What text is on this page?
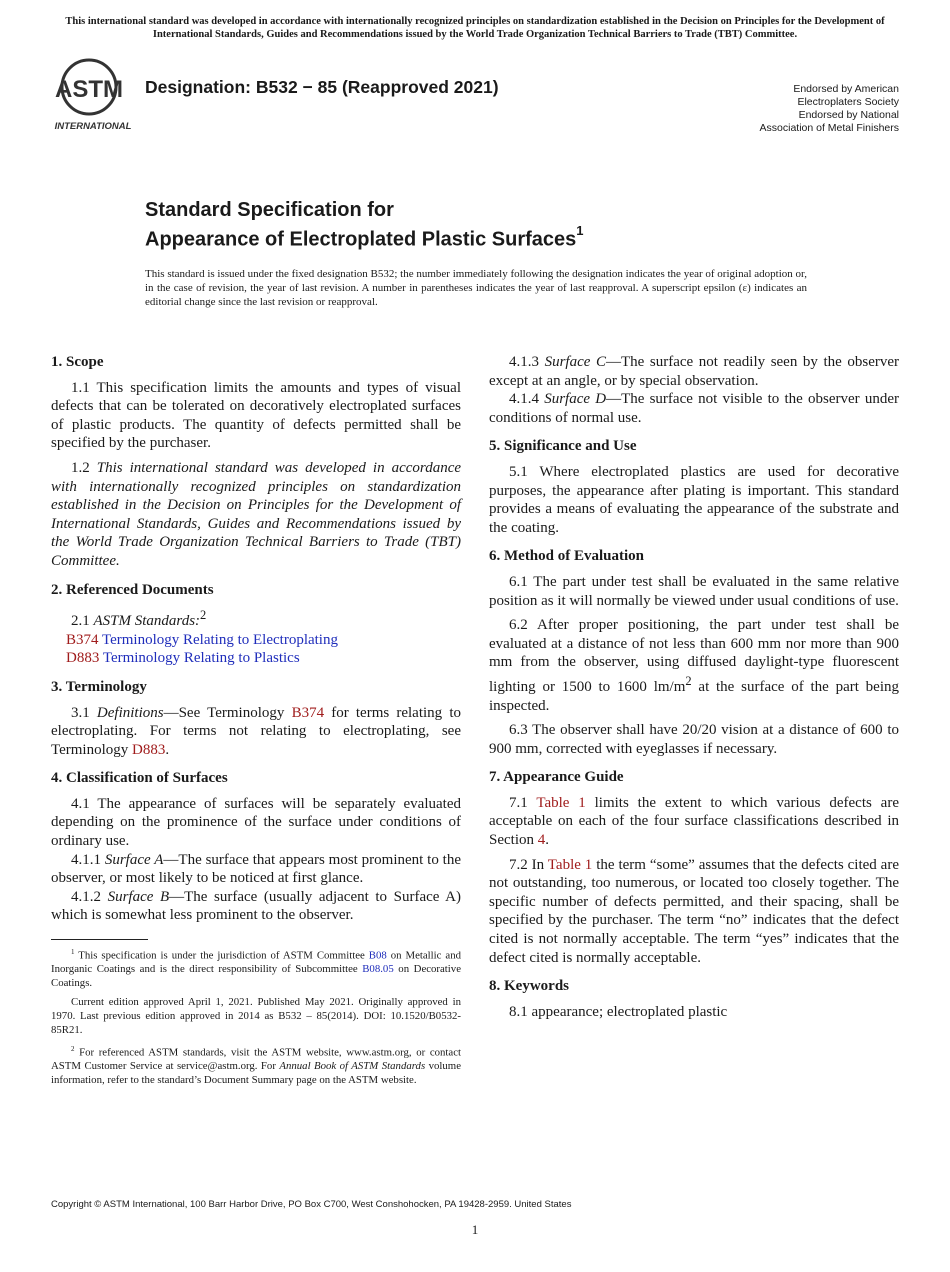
This international standard was developed in accordance with internationally recognized principles on standardization established in the Decision on Principles for the Development of International Standards, Guides and Recommendations issued by the World Trade Organization Technical Barriers to Trade (TBT) Committee.
ASTM
INTERNATIONAL
Designation: B532 − 85 (Reapproved 2021)	Endorsed by American
Electroplaters Society
Endorsed by National
Association of Metal Finishers
Standard Specification for
Appearance of Electroplated Plastic Surfaces$^1$
This standard is issued under the fixed designation B532; the number immediately following the designation indicates the year of original adoption or, in the case of revision, the year of last revision. A number in parentheses indicates the year of last reapproval. A superscript epsilon (ε) indicates an editorial change since the last revision or reapproval.
1. Scope

1.1 This specification limits the amounts and types of visual defects that can be tolerated on decoratively electroplated surfaces of plastic products. The quantity of defects permitted shall be specified by the purchaser.

1.2 This international standard was developed in accordance with internationally recognized principles on standardization established in the Decision on Principles for the Development of International Standards, Guides and Recommendations issued by the World Trade Organization Technical Barriers to Trade (TBT) Committee.

2. Referenced Documents

2.1 ASTM Standards:$^2$

B374 Terminology Relating to Electroplating
D883 Terminology Relating to Plastics
3. Terminology

3.1 Definitions—See Terminology B374 for terms relating to electroplating. For terms not relating to electroplating, see Terminology D883.

4. Classification of Surfaces

4.1 The appearance of surfaces will be separately evaluated depending on the prominence of the surface under conditions of ordinary use.

4.1.1 Surface A—The surface that appears most prominent to the observer, or most likely to be noticed at first glance.

4.1.2 Surface B—The surface (usually adjacent to Surface A) which is somewhat less prominent to the observer.

$^1$ This specification is under the jurisdiction of ASTM Committee B08 on Metallic and Inorganic Coatings and is the direct responsibility of Subcommittee B08.05 on Decorative Coatings.

Current edition approved April 1, 2021. Published May 2021. Originally approved in 1970. Last previous edition approved in 2014 as B532 – 85(2014). DOI: 10.1520/B0532-85R21.

$^2$ For referenced ASTM standards, visit the ASTM website, www.astm.org, or contact ASTM Customer Service at service@astm.org. For Annual Book of ASTM Standards volume information, refer to the standard’s Document Summary page on the ASTM website.

4.1.3 Surface C—The surface not readily seen by the observer except at an angle, or by special observation.

4.1.4 Surface D—The surface not visible to the observer under conditions of normal use.

5. Significance and Use

5.1 Where electroplated plastics are used for decorative purposes, the appearance after plating is important. This standard provides a means of evaluating the appearance of the substrate and the coating.

6. Method of Evaluation

6.1 The part under test shall be evaluated in the same relative position as it will normally be viewed under usual conditions of use.

6.2 After proper positioning, the part under test shall be evaluated at a distance of not less than 600 mm nor more than 900 mm from the observer, using diffused daylight-type fluorescent lighting or 1500 to 1600 $lm/m^2$ at the surface of the part being inspected.

6.3 The observer shall have 20/20 vision at a distance of 600 to 900 mm, corrected with eyeglasses if necessary.

7. Appearance Guide

7.1 Table 1 limits the extent to which various defects are acceptable on each of the four surface classifications described in Section 4.

7.2 In Table 1 the term “some” assumes that the defects cited are not outstanding, too numerous, or located too closely together. The specific number of defects permitted, and their spacing, shall be specified by the purchaser. The term “no” indicates that the defect cited is not normally acceptable. The term “yes” indicates that the defect cited is normally acceptable.

8. Keywords

8.1 appearance; electroplated plastic

Copyright © ASTM International, 100 Barr Harbor Drive, PO Box C700, West Conshohocken, PA 19428-2959. United States
1
